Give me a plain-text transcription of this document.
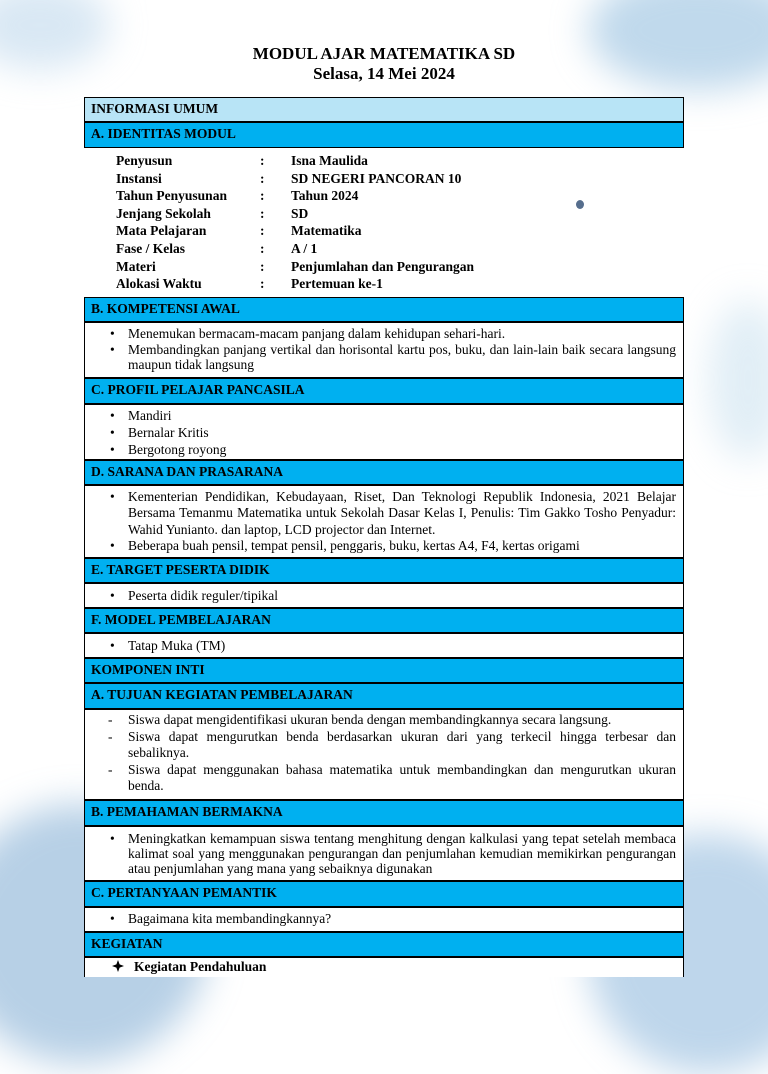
MODUL AJAR MATEMATIKA SD
Selasa, 14 Mei 2024
INFORMASI UMUM
A. IDENTITAS MODUL
Penyusun	: Isna Maulida
Instansi	: SD NEGERI PANCORAN 10
Tahun Penyusunan : Tahun 2024
Jenjang Sekolah	: SD
Mata Pelajaran	: Matematika
Fase / Kelas	: A / 1
Materi	: Penjumlahan dan Pengurangan
Alokasi Waktu	: Pertemuan ke-1
B. KOMPETENSI AWAL
• Menemukan bermacam-macam panjang dalam kehidupan sehari-hari.
• Membandingkan panjang vertikal dan horisontal kartu pos, buku, dan lain-lain baik secara langsung maupun tidak langsung
C. PROFIL PELAJAR PANCASILA
• Mandiri
• Bernalar Kritis
• Bergotong royong
D. SARANA DAN PRASARANA
• Kementerian Pendidikan, Kebudayaan, Riset, Dan Teknologi Republik Indonesia, 2021 Belajar Bersama Temanmu Matematika untuk Sekolah Dasar Kelas I, Penulis: Tim Gakko Tosho Penyadur: Wahid Yunianto. dan laptop, LCD projector dan Internet.
• Beberapa buah pensil, tempat pensil, penggaris, buku, kertas A4, F4, kertas origami
E. TARGET PESERTA DIDIK
• Peserta didik reguler/tipikal
F. MODEL PEMBELAJARAN
• Tatap Muka (TM)
KOMPONEN INTI
A. TUJUAN KEGIATAN PEMBELAJARAN
- Siswa dapat mengidentifikasi ukuran benda dengan membandingkannya secara langsung.
- Siswa dapat mengurutkan benda berdasarkan ukuran dari yang terkecil hingga terbesar dan sebaliknya.
- Siswa dapat menggunakan bahasa matematika untuk membandingkan dan mengurutkan ukuran benda.
B. PEMAHAMAN BERMAKNA
• Meningkatkan kemampuan siswa tentang menghitung dengan kalkulasi yang tepat setelah membaca kalimat soal yang menggunakan pengurangan dan penjumlahan kemudian memikirkan pengurangan atau penjumlahan yang mana yang sebaiknya digunakan
C. PERTANYAAN PEMANTIK
• Bagaimana kita membandingkannya?
KEGIATAN
Kegiatan Pendahuluan
